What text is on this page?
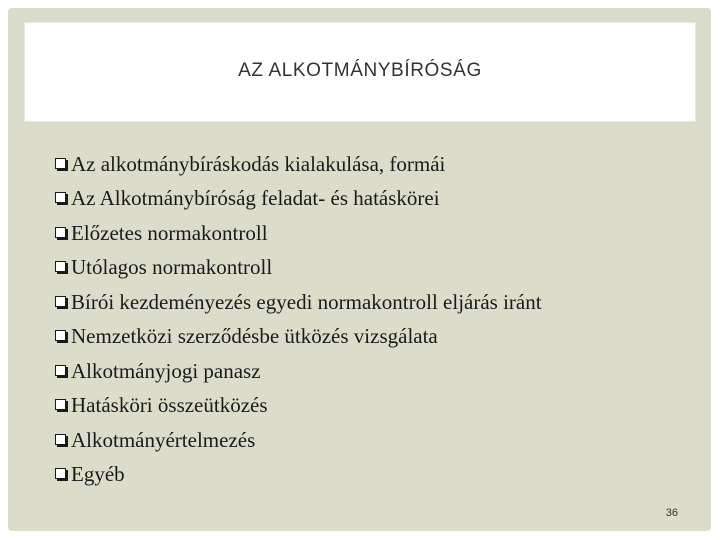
AZ ALKOTMÁNYBÍRÓSÁG
Az alkotmánybíráskodás kialakulása, formái
Az Alkotmánybíróság feladat- és hatáskörei
Előzetes normakontroll
Utólagos normakontroll
Bírói kezdeményezés egyedi normakontroll eljárás iránt
Nemzetközi szerződésbe ütközés vizsgálata
Alkotmányjogi panasz
Hatásköri összeütközés
Alkotmányértelmezés
Egyéb
36
